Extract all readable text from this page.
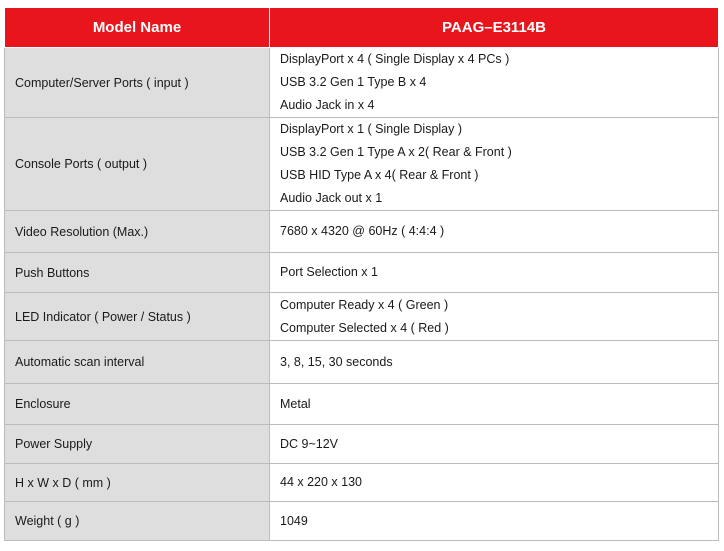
Model Name	PAAG–E3114B
Computer/Server Ports ( input )	DisplayPort x 4 ( Single Display x 4 PCs )
USB 3.2 Gen 1 Type B x 4
Audio Jack in x 4

Console Ports ( output )	DisplayPort x 1 ( Single Display )
USB 3.2 Gen 1 Type A x 2( Rear & Front )
USB HID Type A x 4( Rear & Front )
Audio Jack out x 1

Video Resolution (Max.)	7680 x 4320 @ 60Hz ( 4:4:4 )

Push Buttons	Port Selection x 1

LED Indicator ( Power / Status )	Computer Ready x 4 ( Green )
Computer Selected x 4 ( Red )

Automatic scan interval	3, 8, 15, 30 seconds

Enclosure	Metal

Power Supply	DC 9~12V

H x W x D ( mm )	44 x 220 x 130

Weight ( g )	1049
